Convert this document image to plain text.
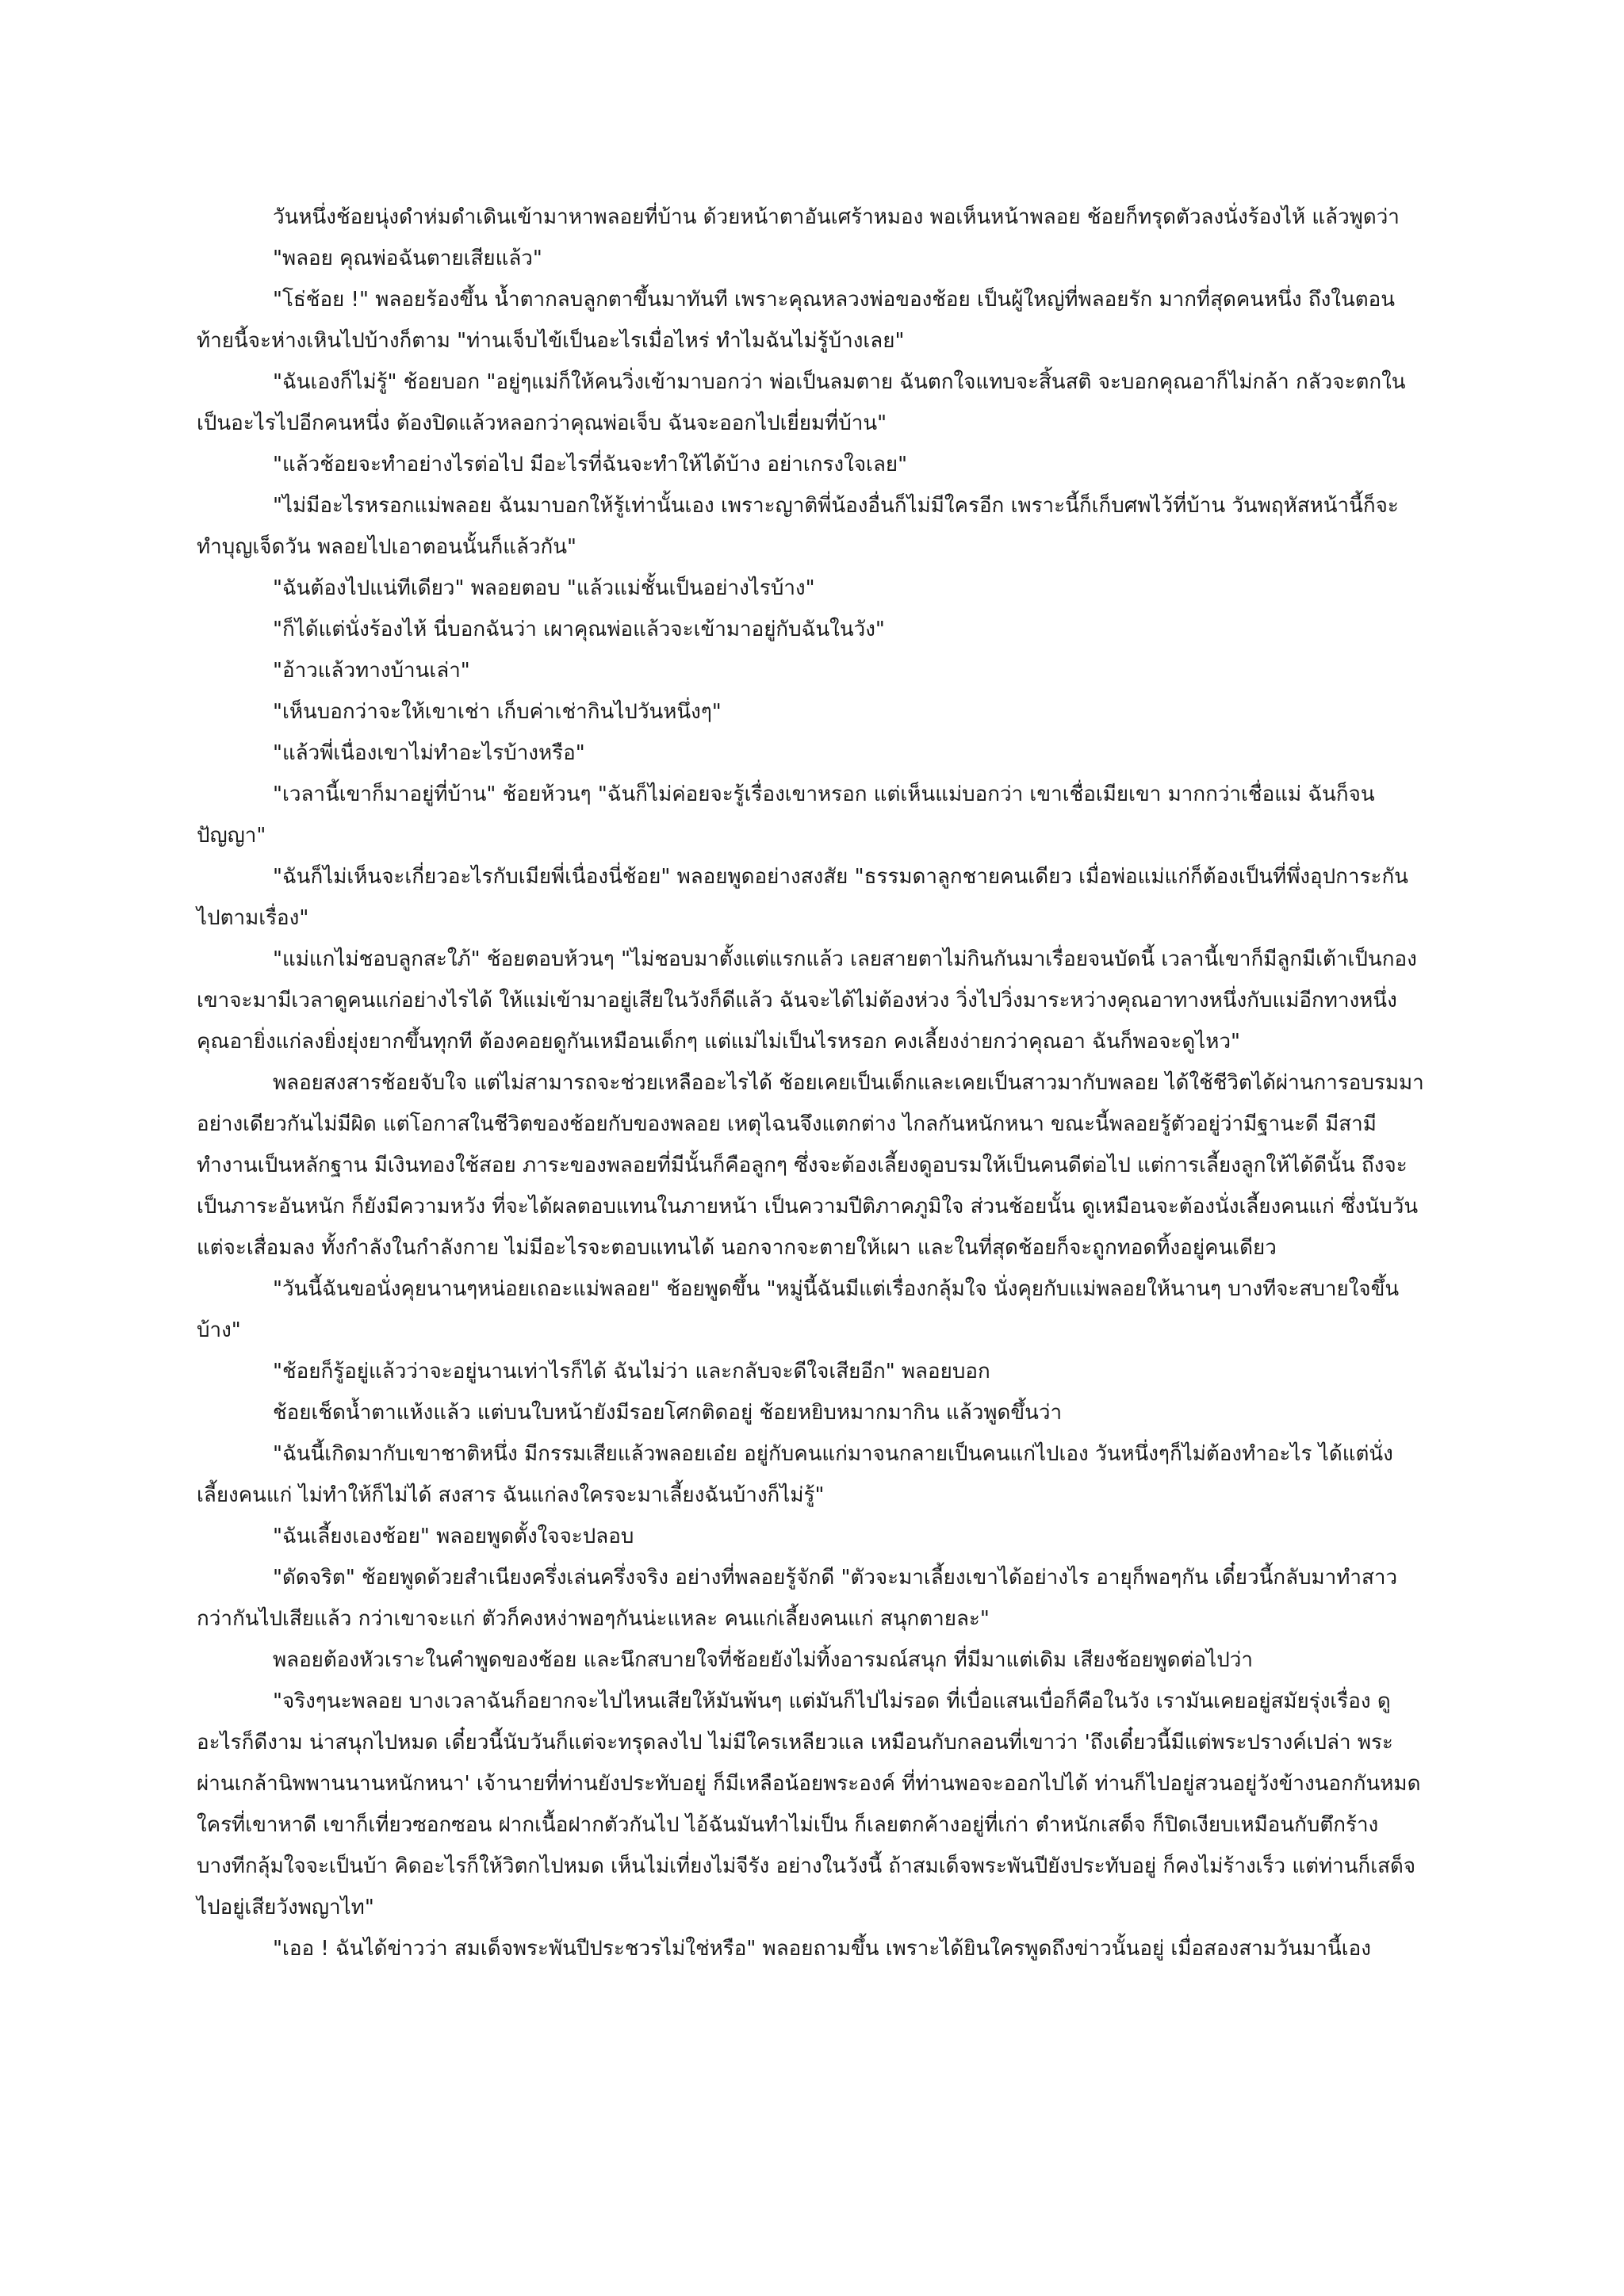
วันหนึ่งช้อยนุ่งดำห่มดำเดินเข้ามาหาพลอยที่บ้าน ด้วยหน้าตาอันเศร้าหมอง พอเห็นหน้าพลอย ช้อยก็ทรุดตัวลงนั่งร้องไห้ แล้วพูดว่า

"พลอย คุณพ่อฉันตายเสียแล้ว"

"โธ่ช้อย !" พลอยร้องขึ้น น้ำตากลบลูกตาขึ้นมาทันที เพราะคุณหลวงพ่อของช้อย เป็นผู้ใหญ่ที่พลอยรัก มากที่สุดคนหนึ่ง ถึงในตอนท้ายนี้จะห่างเหินไปบ้างก็ตาม "ท่านเจ็บไข้เป็นอะไรเมื่อไหร่ ทำไมฉันไม่รู้บ้างเลย"

"ฉันเองก็ไม่รู้" ช้อยบอก "อยู่ๆแม่ก็ให้คนวิ่งเข้ามาบอกว่า พ่อเป็นลมตาย ฉันตกใจแทบจะสิ้นสติ จะบอกคุณอาก็ไม่กล้า กลัวจะตกในเป็นอะไรไปอีกคนหนึ่ง ต้องปิดแล้วหลอกว่าคุณพ่อเจ็บ ฉันจะออกไปเยี่ยมที่บ้าน"

"แล้วช้อยจะทำอย่างไรต่อไป มีอะไรที่ฉันจะทำให้ได้บ้าง อย่าเกรงใจเลย"

"ไม่มีอะไรหรอกแม่พลอย ฉันมาบอกให้รู้เท่านั้นเอง เพราะญาติพี่น้องอื่นก็ไม่มีใครอีก เพราะนี้ก็เก็บศพไว้ที่บ้าน วันพฤหัสหน้านี้ก็จะทำบุญเจ็ดวัน พลอยไปเอาตอนนั้นก็แล้วกัน"

"ฉันต้องไปแน่ทีเดียว" พลอยตอบ "แล้วแม่ชั้นเป็นอย่างไรบ้าง"

"ก็ได้แต่นั่งร้องไห้ นี่บอกฉันว่า เผาคุณพ่อแล้วจะเข้ามาอยู่กับฉันในวัง"

"อ้าวแล้วทางบ้านเล่า"

"เห็นบอกว่าจะให้เขาเช่า เก็บค่าเช่ากินไปวันหนึ่งๆ"

"แล้วพี่เนื่องเขาไม่ทำอะไรบ้างหรือ"

"เวลานี้เขาก็มาอยู่ที่บ้าน" ช้อยห้วนๆ "ฉันก็ไม่ค่อยจะรู้เรื่องเขาหรอก แต่เห็นแม่บอกว่า เขาเชื่อเมียเขา มากกว่าเชื่อแม่ ฉันก็จนปัญญา"

"ฉันก็ไม่เห็นจะเกี่ยวอะไรกับเมียพี่เนื่องนี่ช้อย" พลอยพูดอย่างสงสัย "ธรรมดาลูกชายคนเดียว เมื่อพ่อแม่แก่ก็ต้องเป็นที่พึ่งอุปการะกันไปตามเรื่อง"

"แม่แกไม่ชอบลูกสะใภ้" ช้อยตอบห้วนๆ "ไม่ชอบมาตั้งแต่แรกแล้ว เลยสายตาไม่กินกันมาเรื่อยจนบัดนี้ เวลานี้เขาก็มีลูกมีเต้าเป็นกอง เขาจะมามีเวลาดูคนแก่อย่างไรได้ ให้แม่เข้ามาอยู่เสียในวังก็ดีแล้ว ฉันจะได้ไม่ต้องห่วง วิ่งไปวิ่งมาระหว่างคุณอาทางหนึ่งกับแม่อีกทางหนึ่ง คุณอายิ่งแก่ลงยิ่งยุ่งยากขึ้นทุกที ต้องคอยดูกันเหมือนเด็กๆ แต่แม่ไม่เป็นไรหรอก คงเลี้ยงง่ายกว่าคุณอา ฉันก็พอจะดูไหว"

พลอยสงสารช้อยจับใจ แต่ไม่สามารถจะช่วยเหลืออะไรได้ ช้อยเคยเป็นเด็กและเคยเป็นสาวมากับพลอย ได้ใช้ชีวิตได้ผ่านการอบรมมาอย่างเดียวกันไม่มีผิด แต่โอกาสในชีวิตของช้อยกับของพลอย เหตุไฉนจึงแตกต่าง ไกลกันหนักหนา ขณะนี้พลอยรู้ตัวอยู่ว่ามีฐานะดี มีสามีทำงานเป็นหลักฐาน มีเงินทองใช้สอย ภาระของพลอยที่มีนั้นก็คือลูกๆ ซึ่งจะต้องเลี้ยงดูอบรมให้เป็นคนดีต่อไป แต่การเลี้ยงลูกให้ได้ดีนั้น ถึงจะเป็นภาระอันหนัก ก็ยังมีความหวัง ที่จะได้ผลตอบแทนในภายหน้า เป็นความปีติภาคภูมิใจ ส่วนช้อยนั้น ดูเหมือนจะต้องนั่งเลี้ยงคนแก่ ซึ่งนับวันแต่จะเสื่อมลง ทั้งกำลังในกำลังกาย ไม่มีอะไรจะตอบแทนได้ นอกจากจะตายให้เผา และในที่สุดช้อยก็จะถูกทอดทิ้งอยู่คนเดียว

"วันนี้ฉันขอนั่งคุยนานๆหน่อยเถอะแม่พลอย" ช้อยพูดขึ้น "หมู่นี้ฉันมีแต่เรื่องกลุ้มใจ นั่งคุยกับแม่พลอยให้นานๆ บางทีจะสบายใจขึ้นบ้าง"

"ช้อยก็รู้อยู่แล้วว่าจะอยู่นานเท่าไรก็ได้ ฉันไม่ว่า และกลับจะดีใจเสียอีก" พลอยบอก

ช้อยเช็ดน้ำตาแห้งแล้ว แต่บนใบหน้ายังมีรอยโศกติดอยู่ ช้อยหยิบหมากมากิน แล้วพูดขึ้นว่า

"ฉันนี้เกิดมากับเขาชาติหนึ่ง มีกรรมเสียแล้วพลอยเอ๋ย อยู่กับคนแก่มาจนกลายเป็นคนแก่ไปเอง วันหนึ่งๆก็ไม่ต้องทำอะไร ได้แต่นั่งเลี้ยงคนแก่ ไม่ทำให้ก็ไม่ได้ สงสาร ฉันแก่ลงใครจะมาเลี้ยงฉันบ้างก็ไม่รู้"

"ฉันเลี้ยงเองช้อย" พลอยพูดตั้งใจจะปลอบ

"ดัดจริต" ช้อยพูดด้วยสำเนียงครึ่งเล่นครึ่งจริง อย่างที่พลอยรู้จักดี "ตัวจะมาเลี้ยงเขาได้อย่างไร อายุก็พอๆกัน เดี๋ยวนี้กลับมาทำสาวกว่ากันไปเสียแล้ว กว่าเขาจะแก่ ตัวก็คงหง่าพอๆกันน่ะแหละ คนแก่เลี้ยงคนแก่ สนุกตายละ"

พลอยต้องหัวเราะในคำพูดของช้อย และนึกสบายใจที่ช้อยยังไม่ทิ้งอารมณ์สนุก ที่มีมาแต่เดิม เสียงช้อยพูดต่อไปว่า

"จริงๆนะพลอย บางเวลาฉันก็อยากจะไปไหนเสียให้มันพ้นๆ แต่มันก็ไปไม่รอด ที่เบื่อแสนเบื่อก็คือในวัง เรามันเคยอยู่สมัยรุ่งเรื่อง ดูอะไรก็ดีงาม น่าสนุกไปหมด เดี๋ยวนี้นับวันก็แต่จะทรุดลงไป ไม่มีใครเหลียวแล เหมือนกับกลอนที่เขาว่า 'ถึงเดี๋ยวนี้มีแต่พระปรางค์เปล่า พระผ่านเกล้านิพพานนานหนักหนา' เจ้านายที่ท่านยังประทับอยู่ ก็มีเหลือน้อยพระองค์ ที่ท่านพอจะออกไปได้ ท่านก็ไปอยู่สวนอยู่วังข้างนอกกันหมด ใครที่เขาหาดี เขาก็เที่ยวซอกซอน ฝากเนื้อฝากตัวกันไป ไอ้ฉันมันทำไม่เป็น ก็เลยตกค้างอยู่ที่เก่า ตำหนักเสด็จ ก็ปิดเงียบเหมือนกับตึกร้าง บางทีกลุ้มใจจะเป็นบ้า คิดอะไรก็ให้วิตกไปหมด เห็นไม่เที่ยงไม่จีรัง อย่างในวังนี้ ถ้าสมเด็จพระพันปียังประทับอยู่ ก็คงไม่ร้างเร็ว แต่ท่านก็เสด็จไปอยู่เสียวังพญาไท"

"เออ ! ฉันได้ข่าวว่า สมเด็จพระพันปีประชวรไม่ใช่หรือ" พลอยถามขึ้น เพราะได้ยินใครพูดถึงข่าวนั้นอยู่ เมื่อสองสามวันมานี้เอง
